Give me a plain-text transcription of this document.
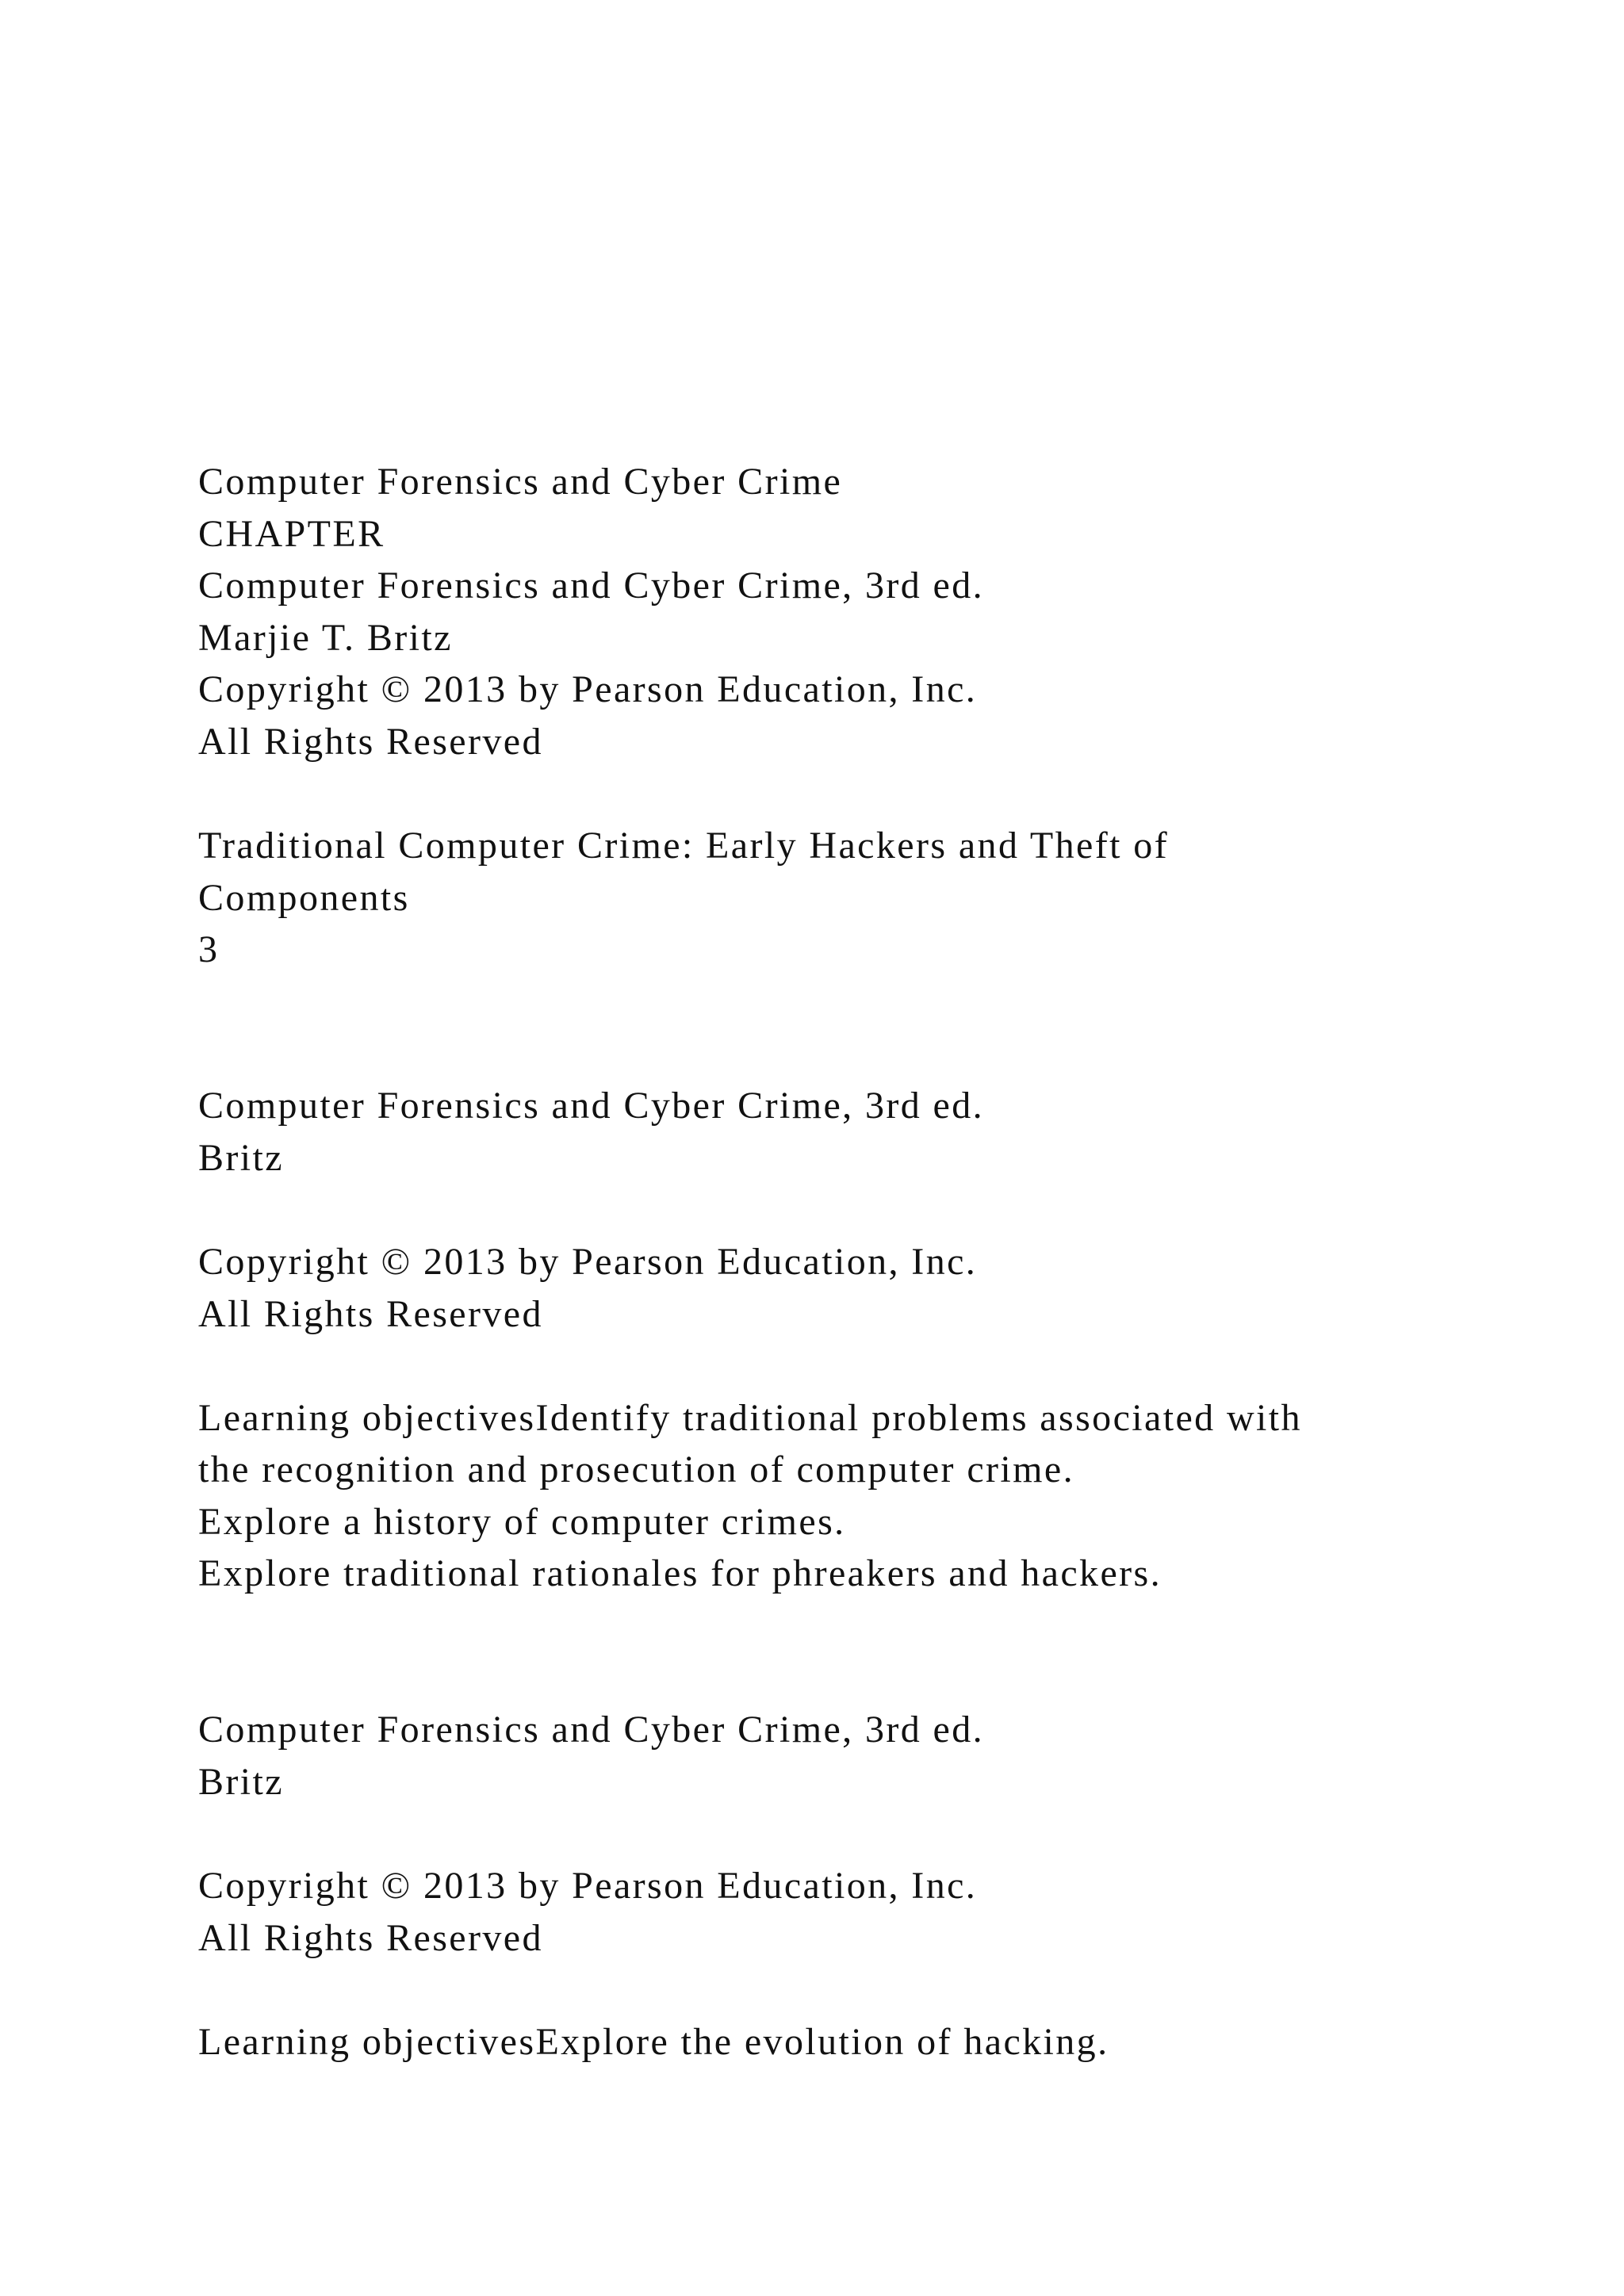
Computer Forensics and Cyber Crime
CHAPTER
Computer Forensics and Cyber Crime, 3rd ed.
Marjie T. Britz
Copyright © 2013 by Pearson Education, Inc.
All Rights Reserved
Traditional Computer Crime: Early Hackers and Theft of
Components
3
Computer Forensics and Cyber Crime, 3rd ed.
Britz
Copyright © 2013 by Pearson Education, Inc.
All Rights Reserved
Learning objectivesIdentify traditional problems associated with
the recognition and prosecution of computer crime.
Explore a history of computer crimes.
Explore traditional rationales for phreakers and hackers.
Computer Forensics and Cyber Crime, 3rd ed.
Britz
Copyright © 2013 by Pearson Education, Inc.
All Rights Reserved
Learning objectivesExplore the evolution of hacking.
